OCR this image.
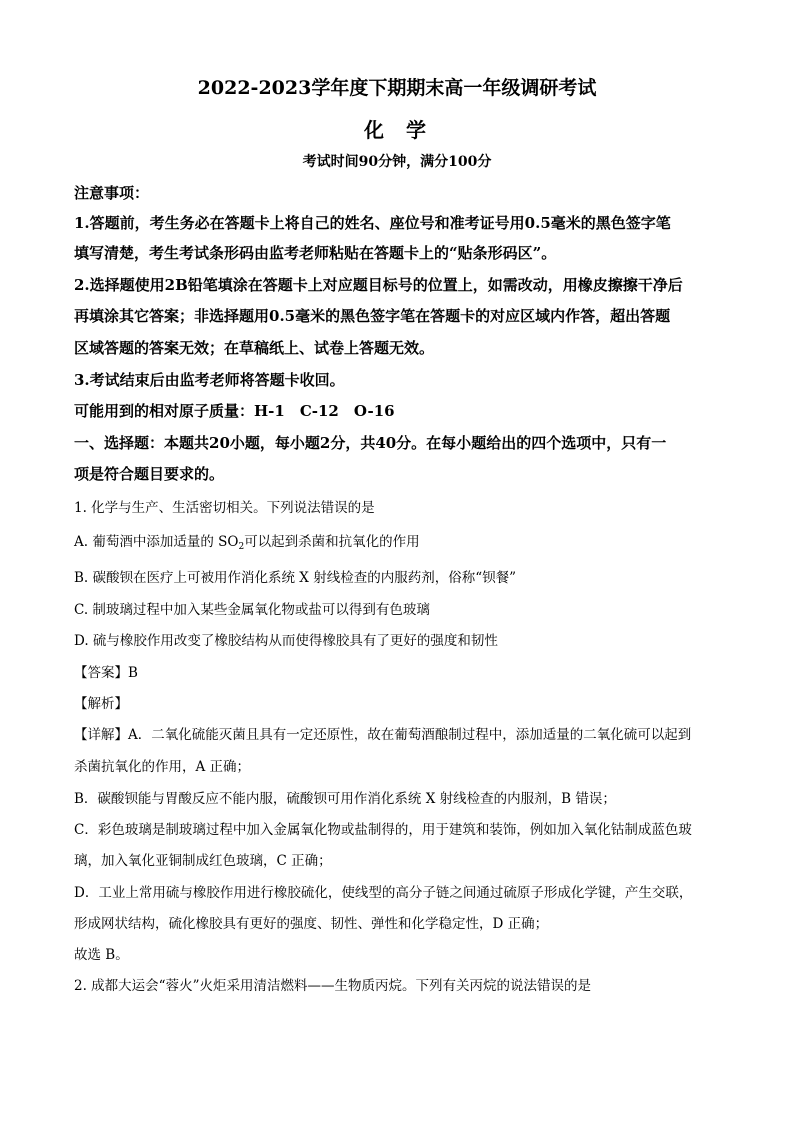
2022-2023学年度下期期末高一年级调研考试
化 学
考试时间90分钟，满分100分
注意事项：
1.答题前，考生务必在答题卡上将自己的姓名、座位号和准考证号用0.5毫米的黑色签字笔
填写清楚，考生考试条形码由监考老师粘贴在答题卡上的“贴条形码区”。
2.选择题使用2B铅笔填涂在答题卡上对应题目标号的位置上，如需改动，用橡皮擦擦干净后
再填涂其它答案；非选择题用0.5毫米的黑色签字笔在答题卡的对应区域内作答，超出答题
区域答题的答案无效；在草稿纸上、试卷上答题无效。
3.考试结束后由监考老师将答题卡收回。
可能用到的相对原子质量：H-1　C-12　O-16
一、选择题：本题共20小题，每小题2分，共40分。在每小题给出的四个选项中，只有一
项是符合题目要求的。
1. 化学与生产、生活密切相关。下列说法错误的是
A. 葡萄酒中添加适量的 $SO_2$可以起到杀菌和抗氧化的作用
B. 碳酸钡在医疗上可被用作消化系统 X 射线检查的内服药剂，俗称“钡餐”
C. 制玻璃过程中加入某些金属氧化物或盐可以得到有色玻璃
D. 硫与橡胶作用改变了橡胶结构从而使得橡胶具有了更好的强度和韧性
【答案】B
【解析】
【详解】A．二氧化硫能灭菌且具有一定还原性，故在葡萄酒酿制过程中，添加适量的二氧化硫可以起到
杀菌抗氧化的作用，A 正确；
B．碳酸钡能与胃酸反应不能内服，硫酸钡可用作消化系统 X 射线检查的内服剂，B 错误；
C．彩色玻璃是制玻璃过程中加入金属氧化物或盐制得的，用于建筑和装饰，例如加入氧化钴制成蓝色玻
璃，加入氧化亚铜制成红色玻璃，C 正确；
D．工业上常用硫与橡胶作用进行橡胶硫化，使线型的高分子链之间通过硫原子形成化学键，产生交联，
形成网状结构，硫化橡胶具有更好的强度、韧性、弹性和化学稳定性，D 正确；
故选 B。
2. 成都大运会“蓉火”火炬采用清洁燃料——生物质丙烷。下列有关丙烷的说法错误的是
